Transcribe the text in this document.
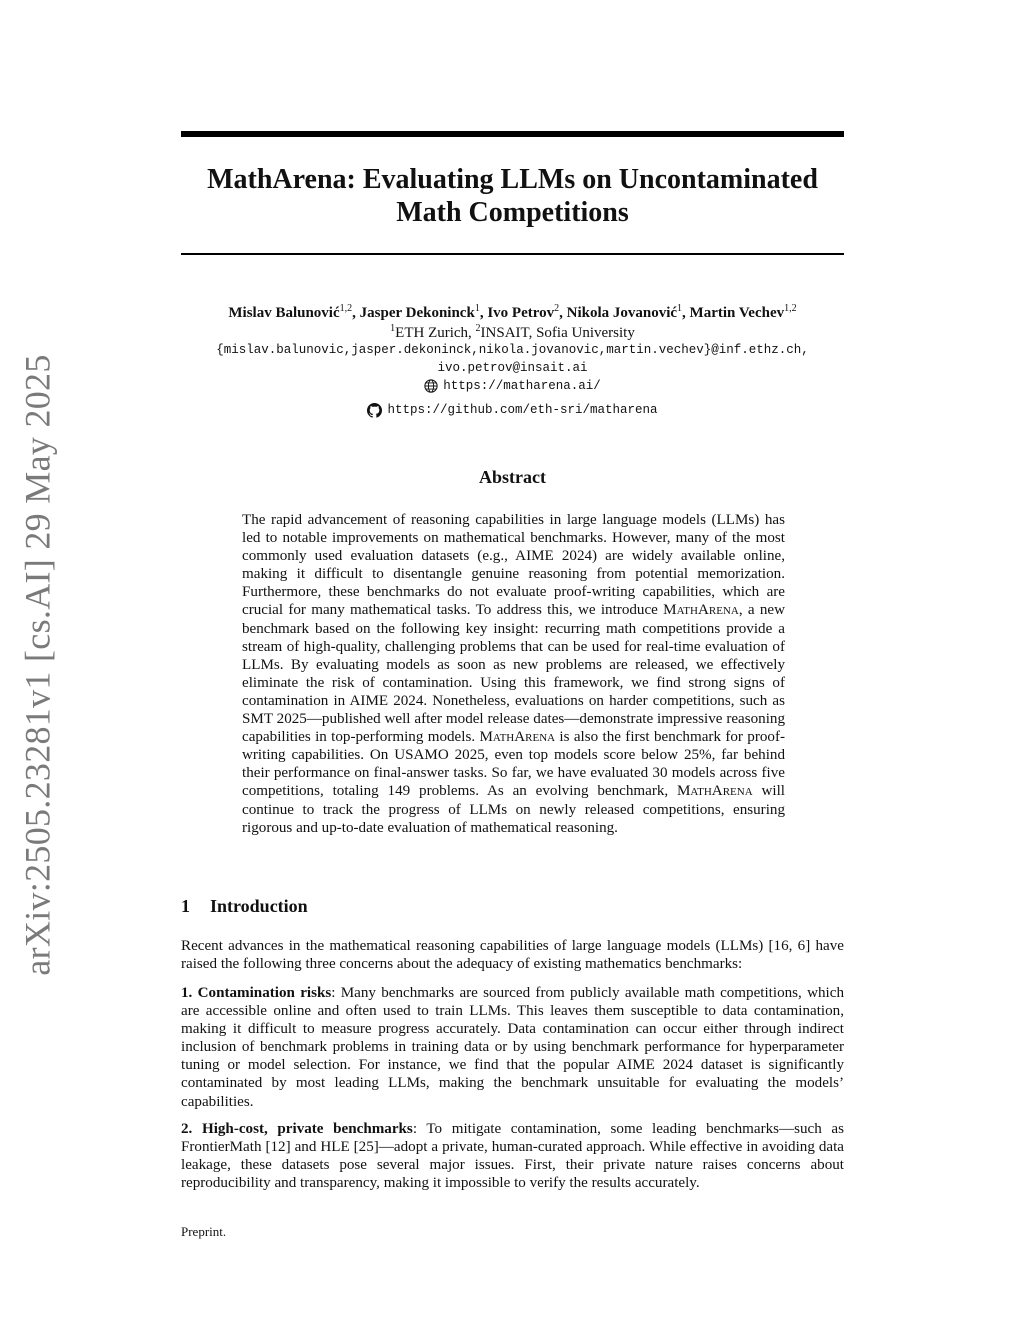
arXiv:2505.23281v1 [cs.AI] 29 May 2025
MathArena: Evaluating LLMs on Uncontaminated
Math Competitions
Mislav Balunović$^{1,2}$, Jasper Dekoninck$^1$, Ivo Petrov$^2$, Nikola Jovanović$^1$, Martin Vechev$^{1,2}$
$^1$ETH Zurich, $^2$INSAIT, Sofia University
{mislav.balunovic,jasper.dekoninck,nikola.jovanovic,martin.vechev}@inf.ethz.ch,
ivo.petrov@insait.ai
https://matharena.ai/
https://github.com/eth-sri/matharena
Abstract

The rapid advancement of reasoning capabilities in large language models (LLMs) has led to notable improvements on mathematical benchmarks. However, many of the most commonly used evaluation datasets (e.g., AIME 2024) are widely available online, making it difficult to disentangle genuine reasoning from potential memorization. Furthermore, these benchmarks do not evaluate proof-writing capabilities, which are crucial for many mathematical tasks. To address this, we introduce MathArena, a new benchmark based on the following key insight: recurring math competitions provide a stream of high-quality, challenging problems that can be used for real-time evaluation of LLMs. By evaluating models as soon as new problems are released, we effectively eliminate the risk of contamination. Using this framework, we find strong signs of contamination in AIME 2024. Nonetheless, evaluations on harder competitions, such as SMT 2025—published well after model release dates—demonstrate impressive reasoning capabilities in top-performing models. MathArena is also the first benchmark for proof-writing capabilities. On USAMO 2025, even top models score below 25%, far behind their performance on final-answer tasks. So far, we have evaluated 30 models across five competitions, totaling 149 problems. As an evolving benchmark, MathArena will continue to track the progress of LLMs on newly released competitions, ensuring rigorous and up-to-date evaluation of mathematical reasoning.

1 Introduction

Recent advances in the mathematical reasoning capabilities of large language models (LLMs) [16, 6] have raised the following three concerns about the adequacy of existing mathematics benchmarks:

1. Contamination risks: Many benchmarks are sourced from publicly available math competitions, which are accessible online and often used to train LLMs. This leaves them susceptible to data contamination, making it difficult to measure progress accurately. Data contamination can occur either through indirect inclusion of benchmark problems in training data or by using benchmark performance for hyperparameter tuning or model selection. For instance, we find that the popular AIME 2024 dataset is significantly contaminated by most leading LLMs, making the benchmark unsuitable for evaluating the models’ capabilities.

2. High-cost, private benchmarks: To mitigate contamination, some leading benchmarks—such as FrontierMath [12] and HLE [25]—adopt a private, human-curated approach. While effective in avoiding data leakage, these datasets pose several major issues. First, their private nature raises concerns about reproducibility and transparency, making it impossible to verify the results accurately.

Preprint.
